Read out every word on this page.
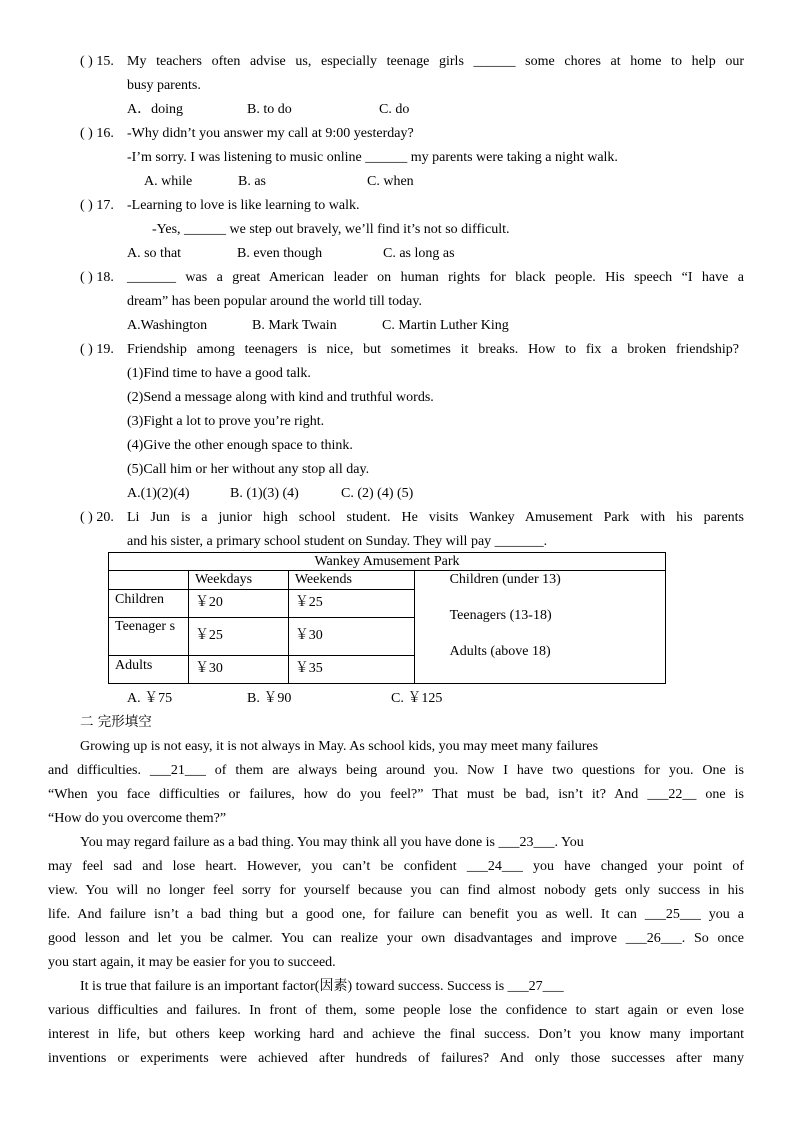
( ) 15. My teachers often advise us, especially teenage girls ______ some chores at home to help our
busy parents.
A．doing	B. to do	C. do
( ) 16. -Why didn’t you answer my call at 9:00 yesterday?
-I’m sorry. I was listening to music online ______ my parents were taking a night walk.
A. while	B. as	C. when
( ) 17. -Learning to love is like learning to walk.
-Yes, ______ we step out bravely, we’ll find it’s not so difficult.
A. so that	B. even though	C. as long as
( ) 18. _______ was a great American leader on human rights for black people. His speech “I have a
dream” has been popular around the world till today.
A.Washington	B. Mark Twain	C. Martin Luther King
( ) 19. Friendship among teenagers is nice, but sometimes it breaks. How to fix a broken friendship?
(1)Find time to have a good talk.
(2)Send a message along with kind and truthful words.
(3)Fight a lot to prove you’re right.
(4)Give the other enough space to think.
(5)Call him or her without any stop all day.
A.(1)(2)(4)	B. (1)(3) (4)	C. (2) (4) (5)
( ) 20. Li Jun is a junior high school student. He visits Wankey Amusement Park with his parents
and his sister, a primary school student on Sunday. They will pay _______.
Wankey Amusement Park			
	Weekdays	Weekends	Children (under 13)
Teenagers (13-18)
Adults (above 18)

Children	￥20	￥25	
Teenager s	￥25	￥30	
Adults	￥30	￥35	
A. ￥75	B. ￥90	C. ￥125
二 完形填空
Growing up is not easy, it is not always in May. As school kids, you may meet many failures
and difficulties. ___21___ of them are always being around you. Now I have two questions for you. One is
“When you face difficulties or failures, how do you feel?” That must be bad, isn’t it? And ___22__ one is
“How do you overcome them?”
You may regard failure as a bad thing. You may think all you have done is ___23___. You
may feel sad and lose heart. However, you can’t be confident ___24___ you have changed your point of
view. You will no longer feel sorry for yourself because you can find almost nobody gets only success in his
life. And failure isn’t a bad thing but a good one, for failure can benefit you as well. It can ___25___ you a
good lesson and let you be calmer. You can realize your own disadvantages and improve ___26___. So once
you start again, it may be easier for you to succeed.
It is true that failure is an important factor(因素) toward success. Success is ___27___
various difficulties and failures. In front of them, some people lose the confidence to start again or even lose
interest in life, but others keep working hard and achieve the final success. Don’t you know many important
inventions or experiments were achieved after hundreds of failures? And only those successes after many
